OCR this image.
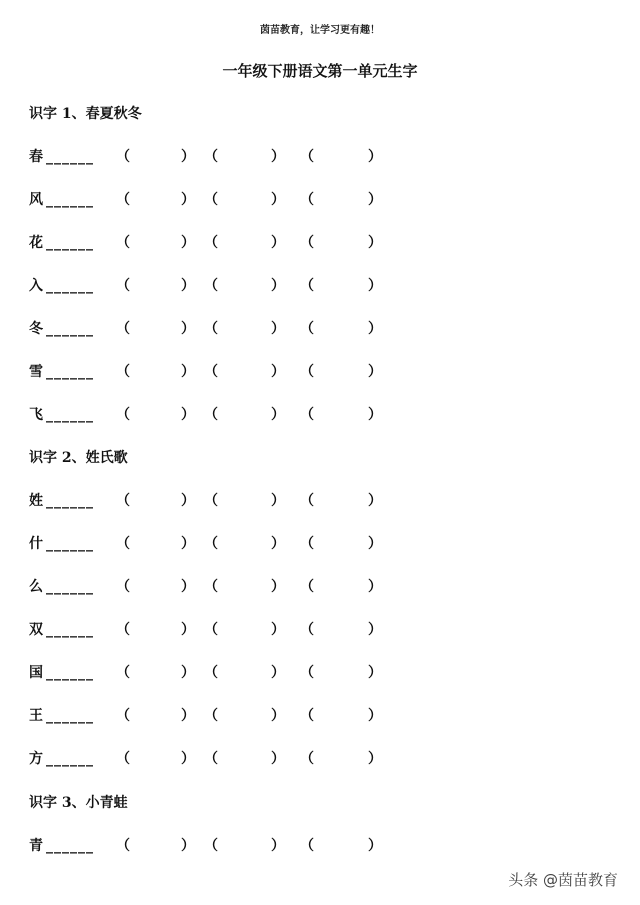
茵苗教育，让学习更有趣！
一年级下册语文第一单元生字
识字 1、春夏秋冬
春 ______ （	） （	） （	）
风 ______ （	） （	） （	）
花 ______ （	） （	） （	）
入 ______ （	） （	） （	）
冬 ______ （	） （	） （	）
雪 ______ （	） （	） （	）
飞 ______ （	） （	） （	）
识字 2、姓氏歌
姓 ______ （	） （	） （	）
什 ______ （	） （	） （	）
么 ______ （	） （	） （	）
双 ______ （	） （	） （	）
国 ______ （	） （	） （	）
王 ______ （	） （	） （	）
方 ______ （	） （	） （	）
识字 3、小青蛙
青 ______ （	） （	） （	）
头条 @茵苗教育
